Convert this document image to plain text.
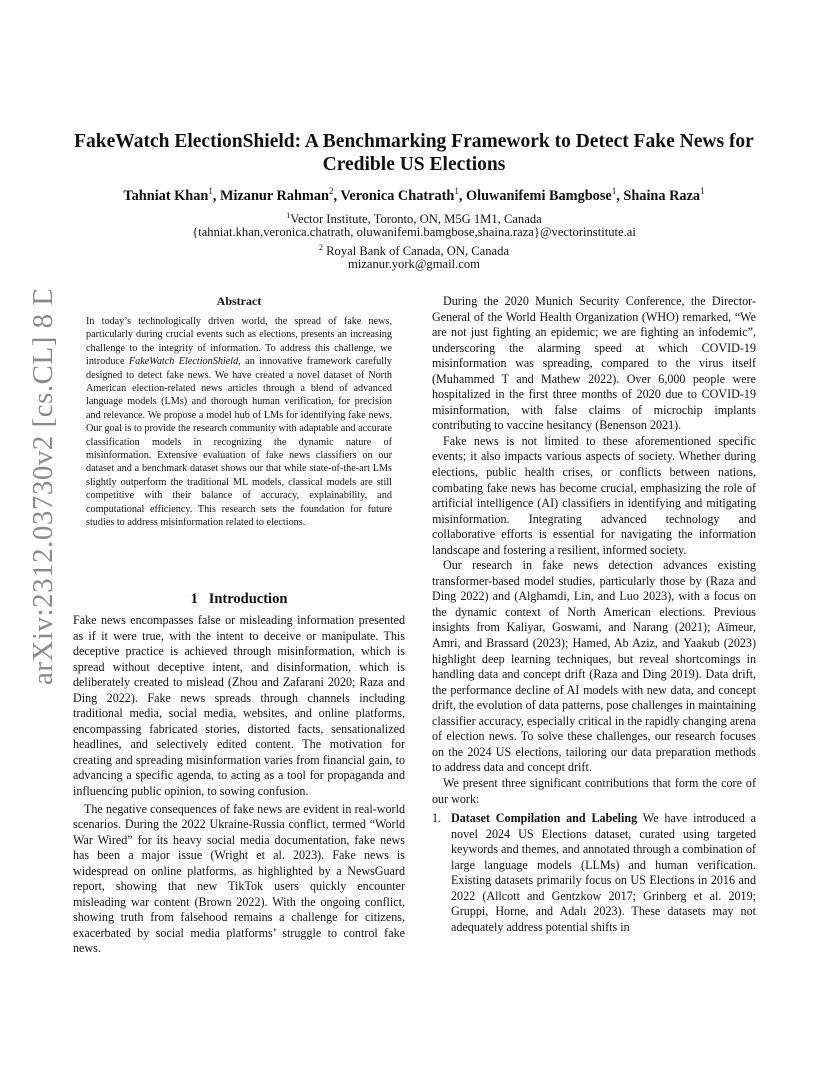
arXiv:2312.03730v2 [cs.CL] 8 Dec 2023
FakeWatch ElectionShield: A Benchmarking Framework to Detect Fake News for Credible US Elections
Tahniat Khan$^1$, Mizanur Rahman$^2$, Veronica Chatrath$^1$, Oluwanifemi Bamgbose$^1$, Shaina Raza$^1$
$^1$Vector Institute, Toronto, ON, M5G 1M1, Canada
{tahniat.khan,veronica.chatrath, oluwanifemi.bamgbose,shaina.raza}@vectorinstitute.ai
$^2$ Royal Bank of Canada, ON, Canada
mizanur.york@gmail.com
Abstract

In today’s technologically driven world, the spread of fake news, particularly during crucial events such as elections, presents an increasing challenge to the integrity of information. To address this challenge, we introduce FakeWatch ElectionShield, an innovative framework carefully designed to detect fake news. We have created a novel dataset of North American election-related news articles through a blend of advanced language models (LMs) and thorough human verification, for precision and relevance. We propose a model hub of LMs for identifying fake news. Our goal is to provide the research community with adaptable and accurate classification models in recognizing the dynamic nature of misinformation. Extensive evaluation of fake news classifiers on our dataset and a benchmark dataset shows our that while state-of-the-art LMs slightly outperform the traditional ML models, classical models are still competitive with their balance of accuracy, explainability, and computational efficiency. This research sets the foundation for future studies to address misinformation related to elections.

1 Introduction

Fake news encompasses false or misleading information presented as if it were true, with the intent to deceive or manipulate. This deceptive practice is achieved through misinformation, which is spread without deceptive intent, and disinformation, which is deliberately created to mislead (Zhou and Zafarani 2020; Raza and Ding 2022). Fake news spreads through channels including traditional media, social media, websites, and online platforms, encompassing fabricated stories, distorted facts, sensationalized headlines, and selectively edited content. The motivation for creating and spreading misinformation varies from financial gain, to advancing a specific agenda, to acting as a tool for propaganda and influencing public opinion, to sowing confusion.

The negative consequences of fake news are evident in real-world scenarios. During the 2022 Ukraine-Russia conflict, termed “World War Wired” for its heavy social media documentation, fake news has been a major issue (Wright et al. 2023). Fake news is widespread on online platforms, as highlighted by a NewsGuard report, showing that new TikTok users quickly encounter misleading war content (Brown 2022). With the ongoing conflict, showing truth from falsehood remains a challenge for citizens, exacerbated by social media platforms’ struggle to control fake news.

During the 2020 Munich Security Conference, the Director-General of the World Health Organization (WHO) remarked, “We are not just fighting an epidemic; we are fighting an infodemic”, underscoring the alarming speed at which COVID-19 misinformation was spreading, compared to the virus itself (Muhammed T and Mathew 2022). Over 6,000 people were hospitalized in the first three months of 2020 due to COVID-19 misinformation, with false claims of microchip implants contributing to vaccine hesitancy (Benenson 2021).

Fake news is not limited to these aforementioned specific events; it also impacts various aspects of society. Whether during elections, public health crises, or conflicts between nations, combating fake news has become crucial, emphasizing the role of artificial intelligence (AI) classifiers in identifying and mitigating misinformation. Integrating advanced technology and collaborative efforts is essential for navigating the information landscape and fostering a resilient, informed society.

Our research in fake news detection advances existing transformer-based model studies, particularly those by (Raza and Ding 2022) and (Alghamdi, Lin, and Luo 2023), with a focus on the dynamic context of North American elections. Previous insights from Kaliyar, Goswami, and Narang (2021); Aïmeur, Amri, and Brassard (2023); Hamed, Ab Aziz, and Yaakub (2023) highlight deep learning techniques, but reveal shortcomings in handling data and concept drift (Raza and Ding 2019). Data drift, the performance decline of AI models with new data, and concept drift, the evolution of data patterns, pose challenges in maintaining classifier accuracy, especially critical in the rapidly changing arena of election news. To solve these challenges, our research focuses on the 2024 US elections, tailoring our data preparation methods to address data and concept drift.

We present three significant contributions that form the core of our work:

1. Dataset Compilation and Labeling We have introduced a novel 2024 US Elections dataset, curated using targeted keywords and themes, and annotated through a combination of large language models (LLMs) and human verification. Existing datasets primarily focus on US Elections in 2016 and 2022 (Allcott and Gentzkow 2017; Grinberg et al. 2019; Gruppi, Horne, and Adalı 2023). These datasets may not adequately address potential shifts in
